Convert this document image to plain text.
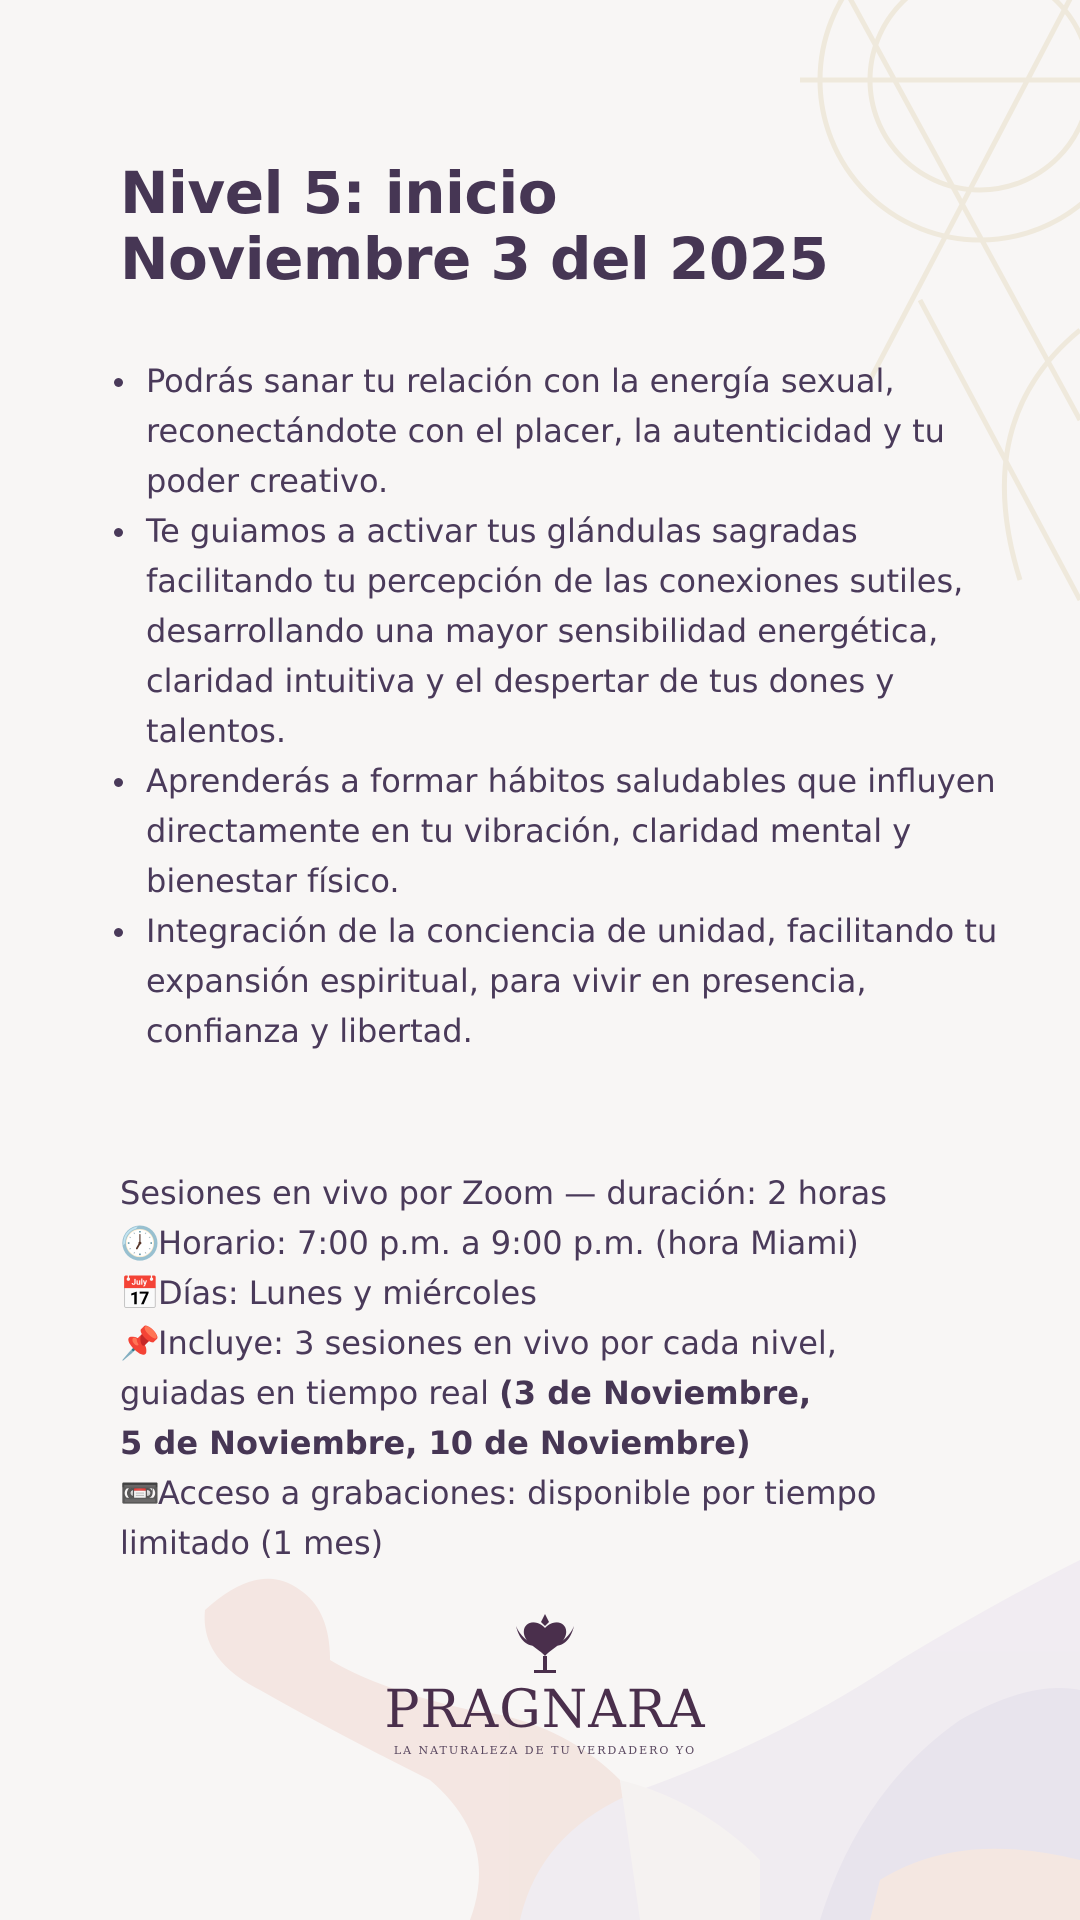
Nivel 5: inicio
Noviembre 3 del 2025
Podrás sanar tu relación con la energía sexual, reconectándote con el placer, la autenticidad y tu poder creativo.
Te guiamos a activar tus glándulas sagradas facilitando tu percepción de las conexiones sutiles, desarrollando una mayor sensibilidad energética, claridad intuitiva y el despertar de tus dones y talentos.
Aprenderás a formar hábitos saludables que influyen directamente en tu vibración, claridad mental y bienestar físico.
Integración de la conciencia de unidad, facilitando tu expansión espiritual, para vivir en presencia, confianza y libertad.
Sesiones en vivo por Zoom — duración: 2 horas
🕖Horario: 7:00 p.m. a 9:00 p.m. (hora Miami)
📅Días: Lunes y miércoles
📌Incluye: 3 sesiones en vivo por cada nivel,
guiadas en tiempo real (3 de Noviembre,
5 de Noviembre, 10 de Noviembre)
📼Acceso a grabaciones: disponible por tiempo
limitado (1 mes)
PRAGNARA
LA NATURALEZA DE TU VERDADERO YO
